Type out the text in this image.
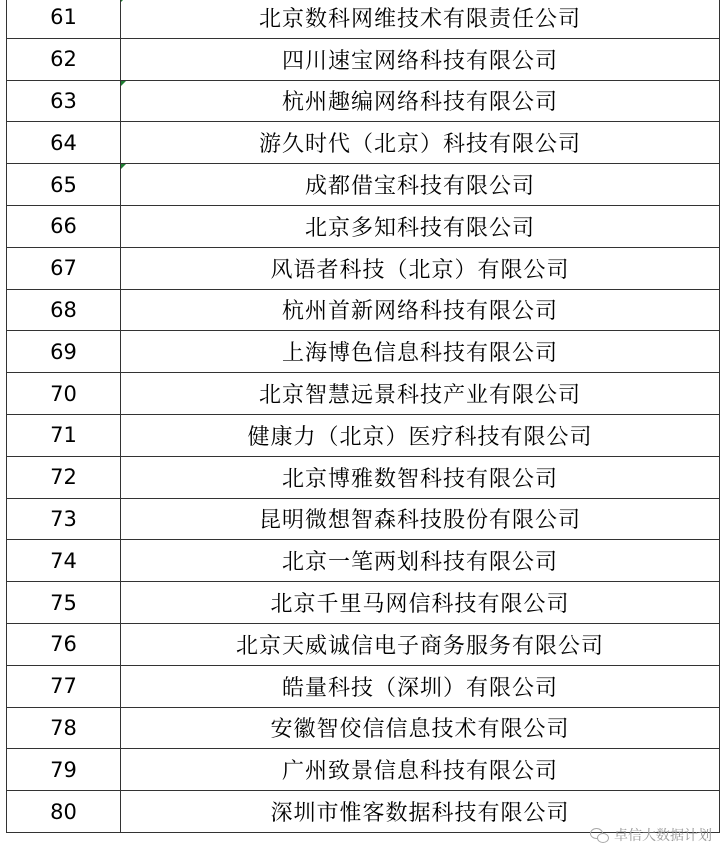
61	北京数科网维技术有限责任公司

62	四川速宝网络科技有限公司
63	杭州趣编网络科技有限公司

64	游久时代（北京）科技有限公司
65	成都借宝科技有限公司

66	北京多知科技有限公司
67	风语者科技（北京）有限公司
68	杭州首新网络科技有限公司
69	上海博色信息科技有限公司
70	北京智慧远景科技产业有限公司
71	健康力（北京）医疗科技有限公司
72	北京博雅数智科技有限公司
73	昆明微想智森科技股份有限公司
74	北京一笔两划科技有限公司
75	北京千里马网信科技有限公司
76	北京天威诚信电子商务服务有限公司
77	皓量科技（深圳）有限公司
78	安徽智佼信信息技术有限公司
79	广州致景信息科技有限公司
80	深圳市惟客数据科技有限公司
卓信大数据计划
